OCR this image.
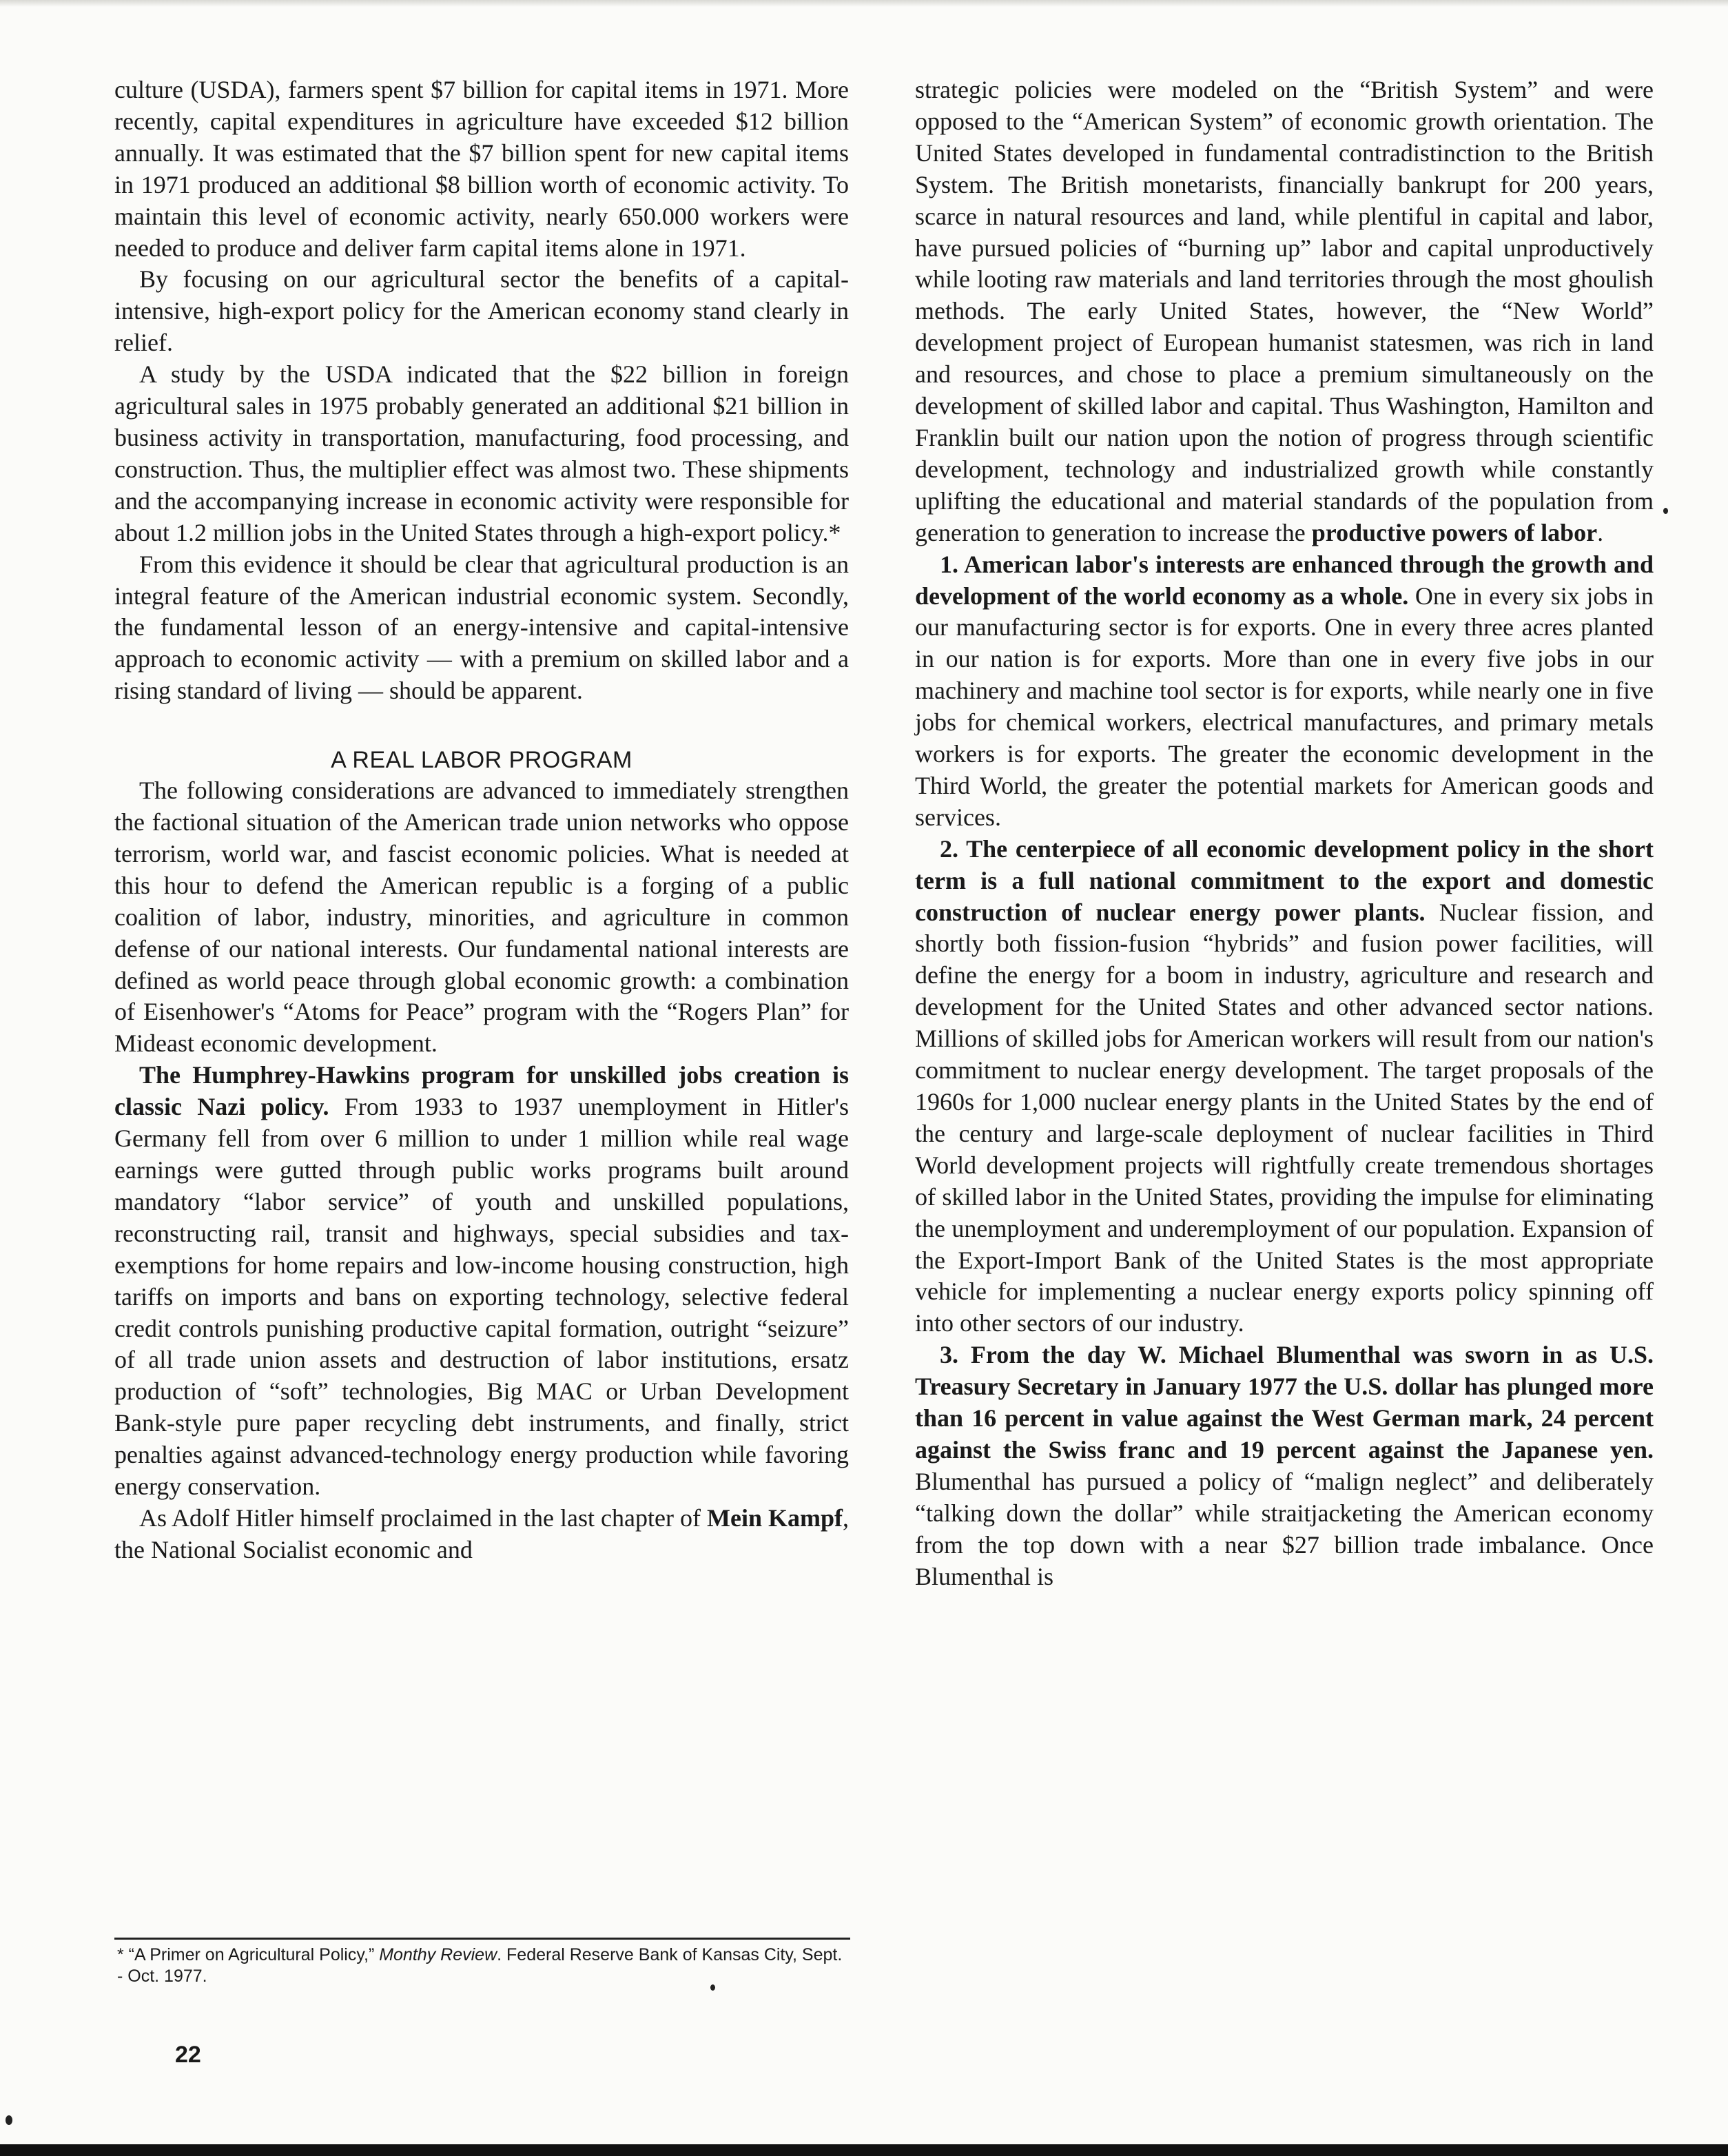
culture (USDA), farmers spent $7 billion for capital items in 1971. More recently, capital expenditures in agriculture have exceeded $12 billion annually. It was estimated that the $7 billion spent for new capital items in 1971 produced an additional $8 billion worth of economic activity. To maintain this level of economic activity, nearly 650.000 workers were needed to produce and deliver farm capital items alone in 1971.

By focusing on our agricultural sector the benefits of a capital-intensive, high-export policy for the American economy stand clearly in relief.

A study by the USDA indicated that the $22 billion in foreign agricultural sales in 1975 probably generated an additional $21 billion in business activity in transportation, manufacturing, food processing, and construction. Thus, the multiplier effect was almost two. These shipments and the accompanying increase in economic activity were responsible for about 1.2 million jobs in the United States through a high-export policy.*

From this evidence it should be clear that agricultural production is an integral feature of the American industrial economic system. Secondly, the fundamental lesson of an energy-intensive and capital-intensive approach to economic activity — with a premium on skilled labor and a rising standard of living — should be apparent.

A REAL LABOR PROGRAM

The following considerations are advanced to immediately strengthen the factional situation of the American trade union networks who oppose terrorism, world war, and fascist economic policies. What is needed at this hour to defend the American republic is a forging of a public coalition of labor, industry, minorities, and agriculture in common defense of our national interests. Our fundamental national interests are defined as world peace through global economic growth: a combination of Eisenhower's “Atoms for Peace” program with the “Rogers Plan” for Mideast economic development.

The Humphrey-Hawkins program for unskilled jobs creation is classic Nazi policy. From 1933 to 1937 unemployment in Hitler's Germany fell from over 6 million to under 1 million while real wage earnings were gutted through public works programs built around mandatory “labor service” of youth and unskilled populations, reconstructing rail, transit and highways, special subsidies and tax-exemptions for home repairs and low-income housing construction, high tariffs on imports and bans on exporting technology, selective federal credit controls punishing productive capital formation, outright “seizure” of all trade union assets and destruction of labor institutions, ersatz production of “soft” technologies, Big MAC or Urban Development Bank-style pure paper recycling debt instruments, and finally, strict penalties against advanced-technology energy production while favoring energy conservation.

As Adolf Hitler himself proclaimed in the last chapter of Mein Kampf, the National Socialist economic and

strategic policies were modeled on the “British System” and were opposed to the “American System” of economic growth orientation. The United States developed in fundamental contradistinction to the British System. The British monetarists, financially bankrupt for 200 years, scarce in natural resources and land, while plentiful in capital and labor, have pursued policies of “burning up” labor and capital unproductively while looting raw materials and land territories through the most ghoulish methods. The early United States, however, the “New World” development project of European humanist statesmen, was rich in land and resources, and chose to place a premium simultaneously on the development of skilled labor and capital. Thus Washington, Hamilton and Franklin built our nation upon the notion of progress through scientific development, technology and industrialized growth while constantly uplifting the educational and material standards of the population from generation to generation to increase the productive powers of labor.

1. American labor's interests are enhanced through the growth and development of the world economy as a whole. One in every six jobs in our manufacturing sector is for exports. One in every three acres planted in our nation is for exports. More than one in every five jobs in our machinery and machine tool sector is for exports, while nearly one in five jobs for chemical workers, electrical manufactures, and primary metals workers is for exports. The greater the economic development in the Third World, the greater the potential markets for American goods and services.

2. The centerpiece of all economic development policy in the short term is a full national commitment to the export and domestic construction of nuclear energy power plants. Nuclear fission, and shortly both fission-fusion “hybrids” and fusion power facilities, will define the energy for a boom in industry, agriculture and research and development for the United States and other advanced sector nations. Millions of skilled jobs for American workers will result from our nation's commitment to nuclear energy development. The target proposals of the 1960s for 1,000 nuclear energy plants in the United States by the end of the century and large-scale deployment of nuclear facilities in Third World development projects will rightfully create tremendous shortages of skilled labor in the United States, providing the impulse for eliminating the unemployment and underemployment of our population. Expansion of the Export-Import Bank of the United States is the most appropriate vehicle for implementing a nuclear energy exports policy spinning off into other sectors of our industry.

3. From the day W. Michael Blumenthal was sworn in as U.S. Treasury Secretary in January 1977 the U.S. dollar has plunged more than 16 percent in value against the West German mark, 24 percent against the Swiss franc and 19 percent against the Japanese yen. Blumenthal has pursued a policy of “malign neglect” and deliberately “talking down the dollar” while straitjacketing the American economy from the top down with a near $27 billion trade imbalance. Once Blumenthal is

* “A Primer on Agricultural Policy,” Monthy Review. Federal Reserve Bank of Kansas City, Sept. - Oct. 1977.

22
